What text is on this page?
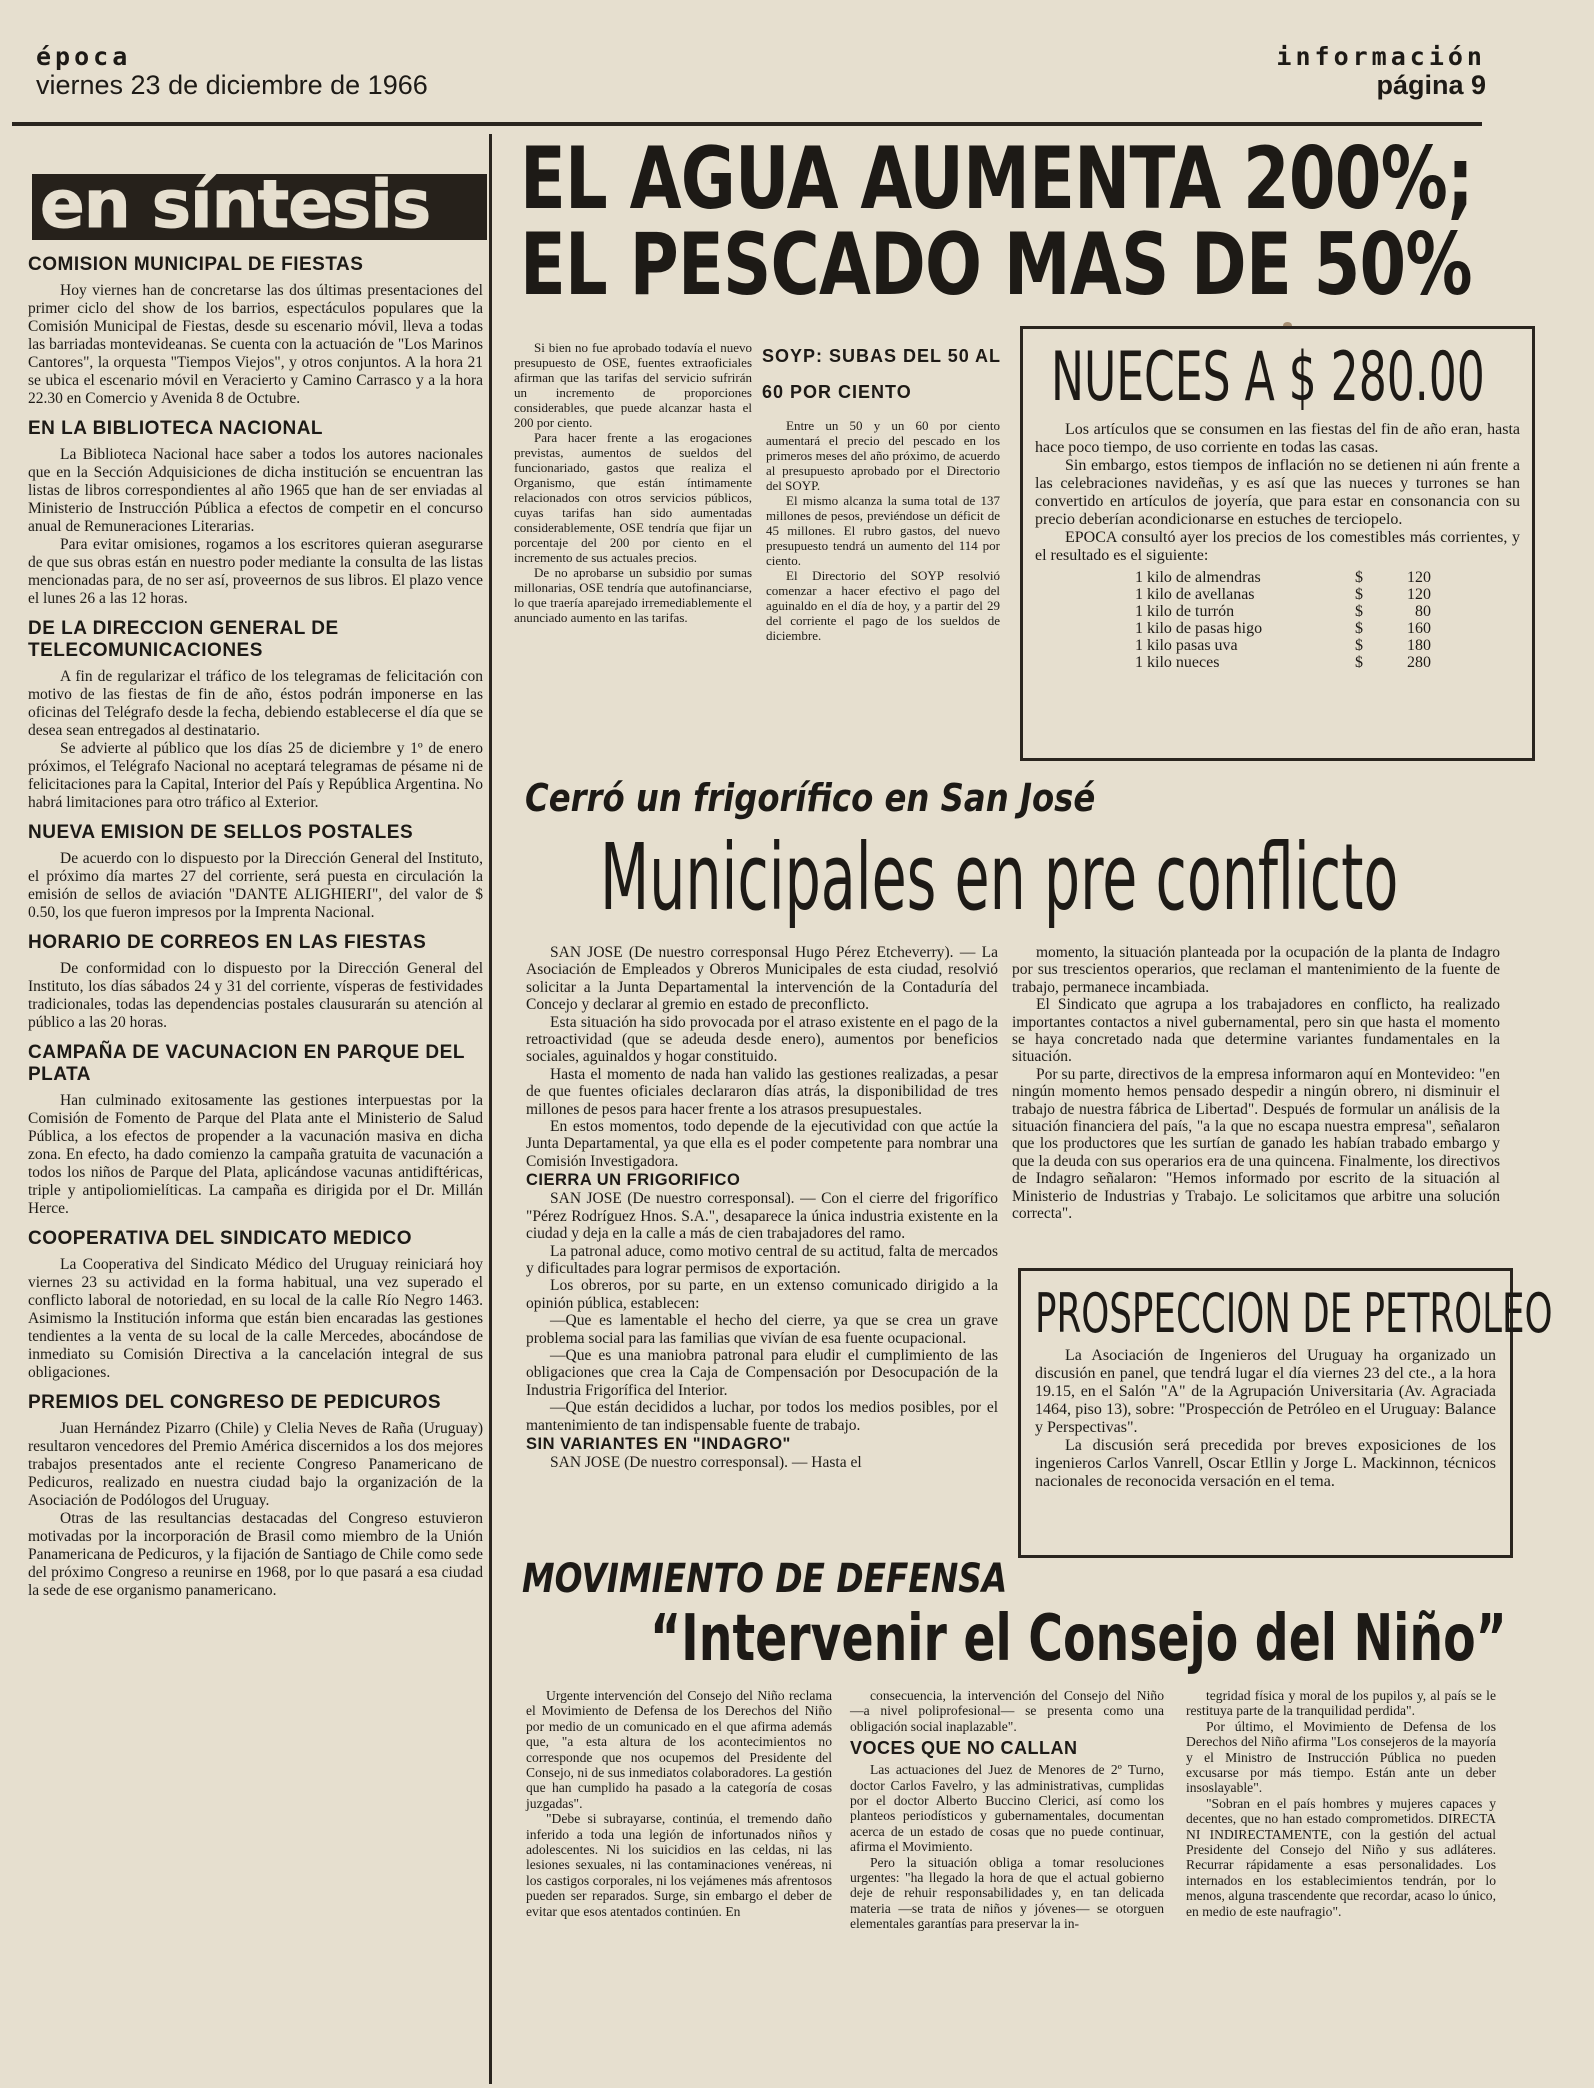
época
viernes 23 de diciembre de 1966
información
página 9
en síntesis
COMISION MUNICIPAL DE FIESTAS

Hoy viernes han de concretarse las dos últimas presentaciones del primer ciclo del show de los barrios, espectáculos populares que la Comisión Municipal de Fiestas, desde su escenario móvil, lleva a todas las barriadas montevideanas. Se cuenta con la actuación de "Los Marinos Cantores", la orquesta "Tiempos Viejos", y otros conjuntos. A la hora 21 se ubica el escenario móvil en Veracierto y Camino Carrasco y a la hora 22.30 en Comercio y Avenida 8 de Octubre.

EN LA BIBLIOTECA NACIONAL

La Biblioteca Nacional hace saber a todos los autores nacionales que en la Sección Adquisiciones de dicha institución se encuentran las listas de libros correspondientes al año 1965 que han de ser enviadas al Ministerio de Instrucción Pública a efectos de competir en el concurso anual de Remuneraciones Literarias.

Para evitar omisiones, rogamos a los escritores quieran asegurarse de que sus obras están en nuestro poder mediante la consulta de las listas mencionadas para, de no ser así, proveernos de sus libros. El plazo vence el lunes 26 a las 12 horas.

DE LA DIRECCION GENERAL DE TELECOMUNICACIONES

A fin de regularizar el tráfico de los telegramas de felicitación con motivo de las fiestas de fin de año, éstos podrán imponerse en las oficinas del Telégrafo desde la fecha, debiendo establecerse el día que se desea sean entregados al destinatario.

Se advierte al público que los días 25 de diciembre y 1º de enero próximos, el Telégrafo Nacional no aceptará telegramas de pésame ni de felicitaciones para la Capital, Interior del País y República Argentina. No habrá limitaciones para otro tráfico al Exterior.

NUEVA EMISION DE SELLOS POSTALES

De acuerdo con lo dispuesto por la Dirección General del Instituto, el próximo día martes 27 del corriente, será puesta en circulación la emisión de sellos de aviación "DANTE ALIGHIERI", del valor de $ 0.50, los que fueron impresos por la Imprenta Nacional.

HORARIO DE CORREOS EN LAS FIESTAS

De conformidad con lo dispuesto por la Dirección General del Instituto, los días sábados 24 y 31 del corriente, vísperas de festividades tradicionales, todas las dependencias postales clausurarán su atención al público a las 20 horas.

CAMPAÑA DE VACUNACION EN PARQUE DEL PLATA

Han culminado exitosamente las gestiones interpuestas por la Comisión de Fomento de Parque del Plata ante el Ministerio de Salud Pública, a los efectos de propender a la vacunación masiva en dicha zona. En efecto, ha dado comienzo la campaña gratuita de vacunación a todos los niños de Parque del Plata, aplicándose vacunas antidiftéricas, triple y antipoliomielíticas. La campaña es dirigida por el Dr. Millán Herce.

COOPERATIVA DEL SINDICATO MEDICO

La Cooperativa del Sindicato Médico del Uruguay reiniciará hoy viernes 23 su actividad en la forma habitual, una vez superado el conflicto laboral de notoriedad, en su local de la calle Río Negro 1463. Asimismo la Institución informa que están bien encaradas las gestiones tendientes a la venta de su local de la calle Mercedes, abocándose de inmediato su Comisión Directiva a la cancelación integral de sus obligaciones.

PREMIOS DEL CONGRESO DE PEDICUROS

Juan Hernández Pizarro (Chile) y Clelia Neves de Raña (Uruguay) resultaron vencedores del Premio América discernidos a los dos mejores trabajos presentados ante el reciente Congreso Panamericano de Pedicuros, realizado en nuestra ciudad bajo la organización de la Asociación de Podólogos del Uruguay.

Otras de las resultancias destacadas del Congreso estuvieron motivadas por la incorporación de Brasil como miembro de la Unión Panamericana de Pedicuros, y la fijación de Santiago de Chile como sede del próximo Congreso a reunirse en 1968, por lo que pasará a esa ciudad la sede de ese organismo panamericano.

EL AGUA AUMENTA 200%;
EL PESCADO MAS DE 50%

Si bien no fue aprobado todavía el nuevo presupuesto de OSE, fuentes extraoficiales afirman que las tarifas del servicio sufrirán un incremento de proporciones considerables, que puede alcanzar hasta el 200 por ciento.

Para hacer frente a las erogaciones previstas, aumentos de sueldos del funcionariado, gastos que realiza el Organismo, que están íntimamente relacionados con otros servicios públicos, cuyas tarifas han sido aumentadas considerablemente, OSE tendría que fijar un porcentaje del 200 por ciento en el incremento de sus actuales precios.

De no aprobarse un subsidio por sumas millonarias, OSE tendría que autofinanciarse, lo que traería aparejado irremediablemente el anunciado aumento en las tarifas.

SOYP: SUBAS DEL 50 AL 60 POR CIENTO

Entre un 50 y un 60 por ciento aumentará el precio del pescado en los primeros meses del año próximo, de acuerdo al presupuesto aprobado por el Directorio del SOYP.

El mismo alcanza la suma total de 137 millones de pesos, previéndose un déficit de 45 millones. El rubro gastos, del nuevo presupuesto tendrá un aumento del 114 por ciento.

El Directorio del SOYP resolvió comenzar a hacer efectivo el pago del aguinaldo en el día de hoy, y a partir del 29 del corriente el pago de los sueldos de diciembre.

NUECES A $ 280.00

Los artículos que se consumen en las fiestas del fin de año eran, hasta hace poco tiempo, de uso corriente en todas las casas.

Sin embargo, estos tiempos de inflación no se detienen ni aún frente a las celebraciones navideñas, y es así que las nueces y turrones se han convertido en artículos de joyería, que para estar en consonancia con su precio deberían acondicionarse en estuches de terciopelo.

EPOCA consultó ayer los precios de los comestibles más corrientes, y el resultado es el siguiente:

1 kilo de almendras	$	120
1 kilo de avellanas	$	120
1 kilo de turrón	$	80
1 kilo de pasas higo	$	160
1 kilo pasas uva	$	180
1 kilo nueces	$	280
Cerró un frigorífico en San José
Municipales en pre conflicto

SAN JOSE (De nuestro corresponsal Hugo Pérez Etcheverry). — La Asociación de Empleados y Obreros Municipales de esta ciudad, resolvió solicitar a la Junta Departamental la intervención de la Contaduría del Concejo y declarar al gremio en estado de preconflicto.

Esta situación ha sido provocada por el atraso existente en el pago de la retroactividad (que se adeuda desde enero), aumentos por beneficios sociales, aguinaldos y hogar constituido.

Hasta el momento de nada han valido las gestiones realizadas, a pesar de que fuentes oficiales declararon días atrás, la disponibilidad de tres millones de pesos para hacer frente a los atrasos presupuestales.

En estos momentos, todo depende de la ejecutividad con que actúe la Junta Departamental, ya que ella es el poder competente para nombrar una Comisión Investigadora.

CIERRA UN FRIGORIFICO

SAN JOSE (De nuestro corresponsal). — Con el cierre del frigorífico "Pérez Rodríguez Hnos. S.A.", desaparece la única industria existente en la ciudad y deja en la calle a más de cien trabajadores del ramo.

La patronal aduce, como motivo central de su actitud, falta de mercados y dificultades para lograr permisos de exportación.

Los obreros, por su parte, en un extenso comunicado dirigido a la opinión pública, establecen:

—Que es lamentable el hecho del cierre, ya que se crea un grave problema social para las familias que vivían de esa fuente ocupacional.

—Que es una maniobra patronal para eludir el cumplimiento de las obligaciones que crea la Caja de Compensación por Desocupación de la Industria Frigorífica del Interior.

—Que están decididos a luchar, por todos los medios posibles, por el mantenimiento de tan indispensable fuente de trabajo.

SIN VARIANTES EN "INDAGRO"

SAN JOSE (De nuestro corresponsal). — Hasta el

momento, la situación planteada por la ocupación de la planta de Indagro por sus trescientos operarios, que reclaman el mantenimiento de la fuente de trabajo, permanece incambiada.

El Sindicato que agrupa a los trabajadores en conflicto, ha realizado importantes contactos a nivel gubernamental, pero sin que hasta el momento se haya concretado nada que determine variantes fundamentales en la situación.

Por su parte, directivos de la empresa informaron aquí en Montevideo: "en ningún momento hemos pensado despedir a ningún obrero, ni disminuir el trabajo de nuestra fábrica de Libertad". Después de formular un análisis de la situación financiera del país, "a la que no escapa nuestra empresa", señalaron que los productores que les surtían de ganado les habían trabado embargo y que la deuda con sus operarios era de una quincena. Finalmente, los directivos de Indagro señalaron: "Hemos informado por escrito de la situación al Ministerio de Industrias y Trabajo. Le solicitamos que arbitre una solución correcta".

PROSPECCION DE PETROLEO

La Asociación de Ingenieros del Uruguay ha organizado un discusión en panel, que tendrá lugar el día viernes 23 del cte., a la hora 19.15, en el Salón "A" de la Agrupación Universitaria (Av. Agraciada 1464, piso 13), sobre: "Prospección de Petróleo en el Uruguay: Balance y Perspectivas".

La discusión será precedida por breves exposiciones de los ingenieros Carlos Vanrell, Oscar Etllin y Jorge L. Mackinnon, técnicos nacionales de reconocida versación en el tema.

MOVIMIENTO DE DEFENSA
“Intervenir el Consejo del Niño”

Urgente intervención del Consejo del Niño reclama el Movimiento de Defensa de los Derechos del Niño por medio de un comunicado en el que afirma además que, "a esta altura de los acontecimientos no corresponde que nos ocupemos del Presidente del Consejo, ni de sus inmediatos colaboradores. La gestión que han cumplido ha pasado a la categoría de cosas juzgadas".

"Debe si subrayarse, continúa, el tremendo daño inferido a toda una legión de infortunados niños y adolescentes. Ni los suicidios en las celdas, ni las lesiones sexuales, ni las contaminaciones venéreas, ni los castigos corporales, ni los vejámenes más afrentosos pueden ser reparados. Surge, sin embargo el deber de evitar que esos atentados continúen. En

consecuencia, la intervención del Consejo del Niño —a nivel poliprofesional— se presenta como una obligación social inaplazable".

VOCES QUE NO CALLAN

Las actuaciones del Juez de Menores de 2º Turno, doctor Carlos Favelro, y las administrativas, cumplidas por el doctor Alberto Buccino Clerici, así como los planteos periodísticos y gubernamentales, documentan acerca de un estado de cosas que no puede continuar, afirma el Movimiento.

Pero la situación obliga a tomar resoluciones urgentes: "ha llegado la hora de que el actual gobierno deje de rehuir responsabilidades y, en tan delicada materia —se trata de niños y jóvenes— se otorguen elementales garantías para preservar la in-

tegridad física y moral de los pupilos y, al país se le restituya parte de la tranquilidad perdida".

Por último, el Movimiento de Defensa de los Derechos del Niño afirma "Los consejeros de la mayoría y el Ministro de Instrucción Pública no pueden excusarse por más tiempo. Están ante un deber insoslayable".

"Sobran en el país hombres y mujeres capaces y decentes, que no han estado comprometidos. DIRECTA NI INDIRECTAMENTE, con la gestión del actual Presidente del Consejo del Niño y sus adláteres. Recurrar rápidamente a esas personalidades. Los internados en los establecimientos tendrán, por lo menos, alguna trascendente que recordar, acaso lo único, en medio de este naufragio".
